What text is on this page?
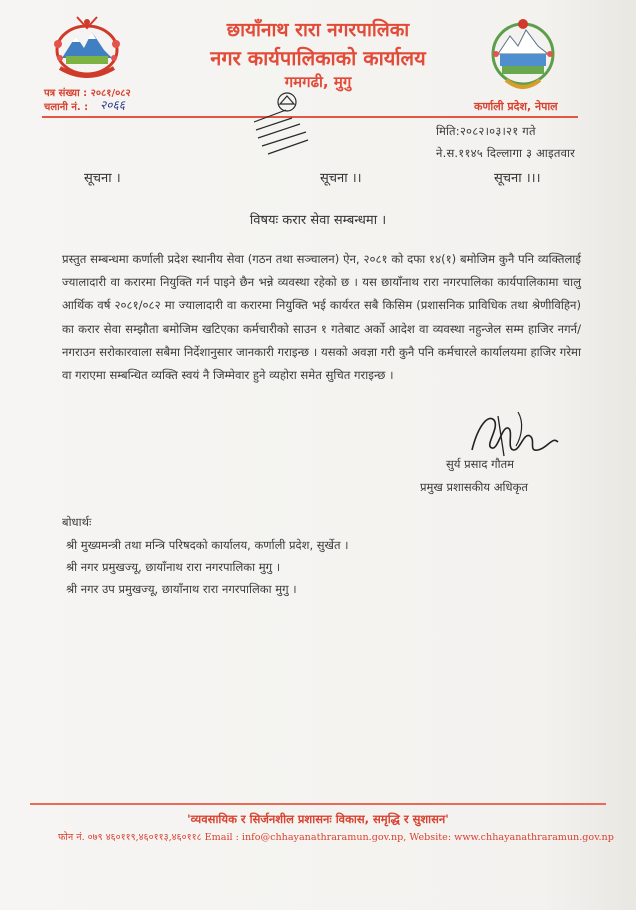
छायाँनाथ रारा नगरपालिका
नगर कार्यपालिकाको कार्यालय
गमगढी, मुगु
पत्र संख्या : २०८१/०८२
चलानी नं. : २०६६	कर्णाली प्रदेश, नेपाल
मिति:२०८२।०३।२१ गते
ने.स.११४५ दिल्लागा ३ आइतवार
सूचना ।	सूचना ।।	सूचना ।।।
विषयः करार सेवा सम्बन्धमा ।
प्रस्तुत सम्बन्धमा कर्णाली प्रदेश स्थानीय सेवा (गठन तथा सञ्चालन) ऐन, २०८१ को दफा १४(१) बमोजिम कुनै पनि व्यक्तिलाई ज्यालादारी वा करारमा नियुक्ति गर्न पाइने छैन भन्ने व्यवस्था रहेको छ । यस छायाँनाथ रारा नगरपालिका कार्यपालिकामा चालु आर्थिक वर्ष २०८१/०८२ मा ज्यालादारी वा करारमा नियुक्ति भई कार्यरत सबै किसिम (प्रशासनिक प्राविधिक तथा श्रेणीविहिन) का करार सेवा सम्झौता बमोजिम खटिएका कर्मचारीको साउन १ गतेबाट अर्को आदेश वा व्यवस्था नहुन्जेल सम्म हाजिर नगर्न/नगराउन सरोकारवाला सबैमा निर्देशानुसार जानकारी गराइन्छ । यसको अवज्ञा गरी कुनै पनि कर्मचारले कार्यालयमा हाजिर गरेमा वा गराएमा सम्बन्धित व्यक्ति स्वयं नै जिम्मेवार हुने व्यहोरा समेत सुचित गराइन्छ ।
सुर्य प्रसाद गौतम
प्रमुख प्रशासकीय अधिकृत
बोधार्थः
श्री मुख्यमन्त्री तथा मन्त्रि परिषदको कार्यालय, कर्णाली प्रदेश, सुर्खेत ।
श्री नगर प्रमुखज्यू, छायाँनाथ रारा नगरपालिका मुगु ।
श्री नगर उप प्रमुखज्यू, छायाँनाथ रारा नगरपालिका मुगु ।
'व्यवसायिक र सिर्जनशील प्रशासनः विकास, समृद्धि र सुशासन'
फोन नं. ०७९ ४६०११९,४६०११३,४६०११८ Email : info@chhayanathraramun.gov.np, Website: www.chhayanathraramun.gov.np
